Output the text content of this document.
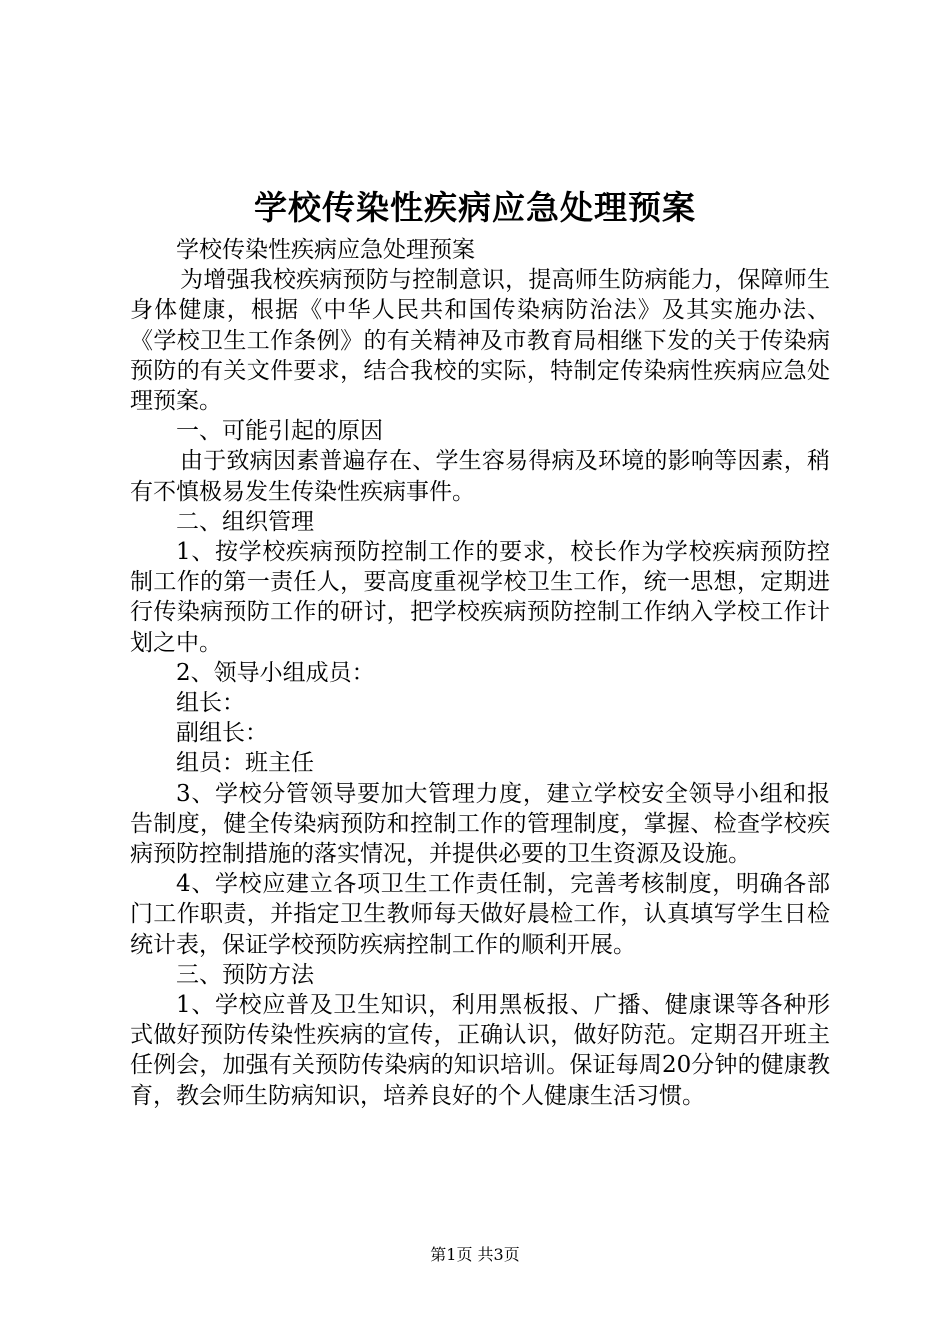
学校传染性疾病应急处理预案

学校传染性疾病应急处理预案

为增强我校疾病预防与控制意识，提高师生防病能力，保障师生身体健康，根据《中华人民共和国传染病防治法》及其实施办法、《学校卫生工作条例》的有关精神及市教育局相继下发的关于传染病预防的有关文件要求，结合我校的实际，特制定传染病性疾病应急处理预案。

一、可能引起的原因

由于致病因素普遍存在、学生容易得病及环境的影响等因素，稍有不慎极易发生传染性疾病事件。

二、组织管理

1、按学校疾病预防控制工作的要求，校长作为学校疾病预防控制工作的第一责任人，要高度重视学校卫生工作，统一思想，定期进行传染病预防工作的研讨，把学校疾病预防控制工作纳入学校工作计划之中。

2、领导小组成员：

组长：

副组长：

组员：班主任

3、学校分管领导要加大管理力度，建立学校安全领导小组和报告制度，健全传染病预防和控制工作的管理制度，掌握、检查学校疾病预防控制措施的落实情况，并提供必要的卫生资源及设施。

4、学校应建立各项卫生工作责任制，完善考核制度，明确各部门工作职责，并指定卫生教师每天做好晨检工作，认真填写学生日检统计表，保证学校预防疾病控制工作的顺利开展。

三、预防方法

1、学校应普及卫生知识，利用黑板报、广播、健康课等各种形式做好预防传染性疾病的宣传，正确认识，做好防范。定期召开班主任例会，加强有关预防传染病的知识培训。保证每周20分钟的健康教育，教会师生防病知识，培养良好的个人健康生活习惯。

第1页 共3页
